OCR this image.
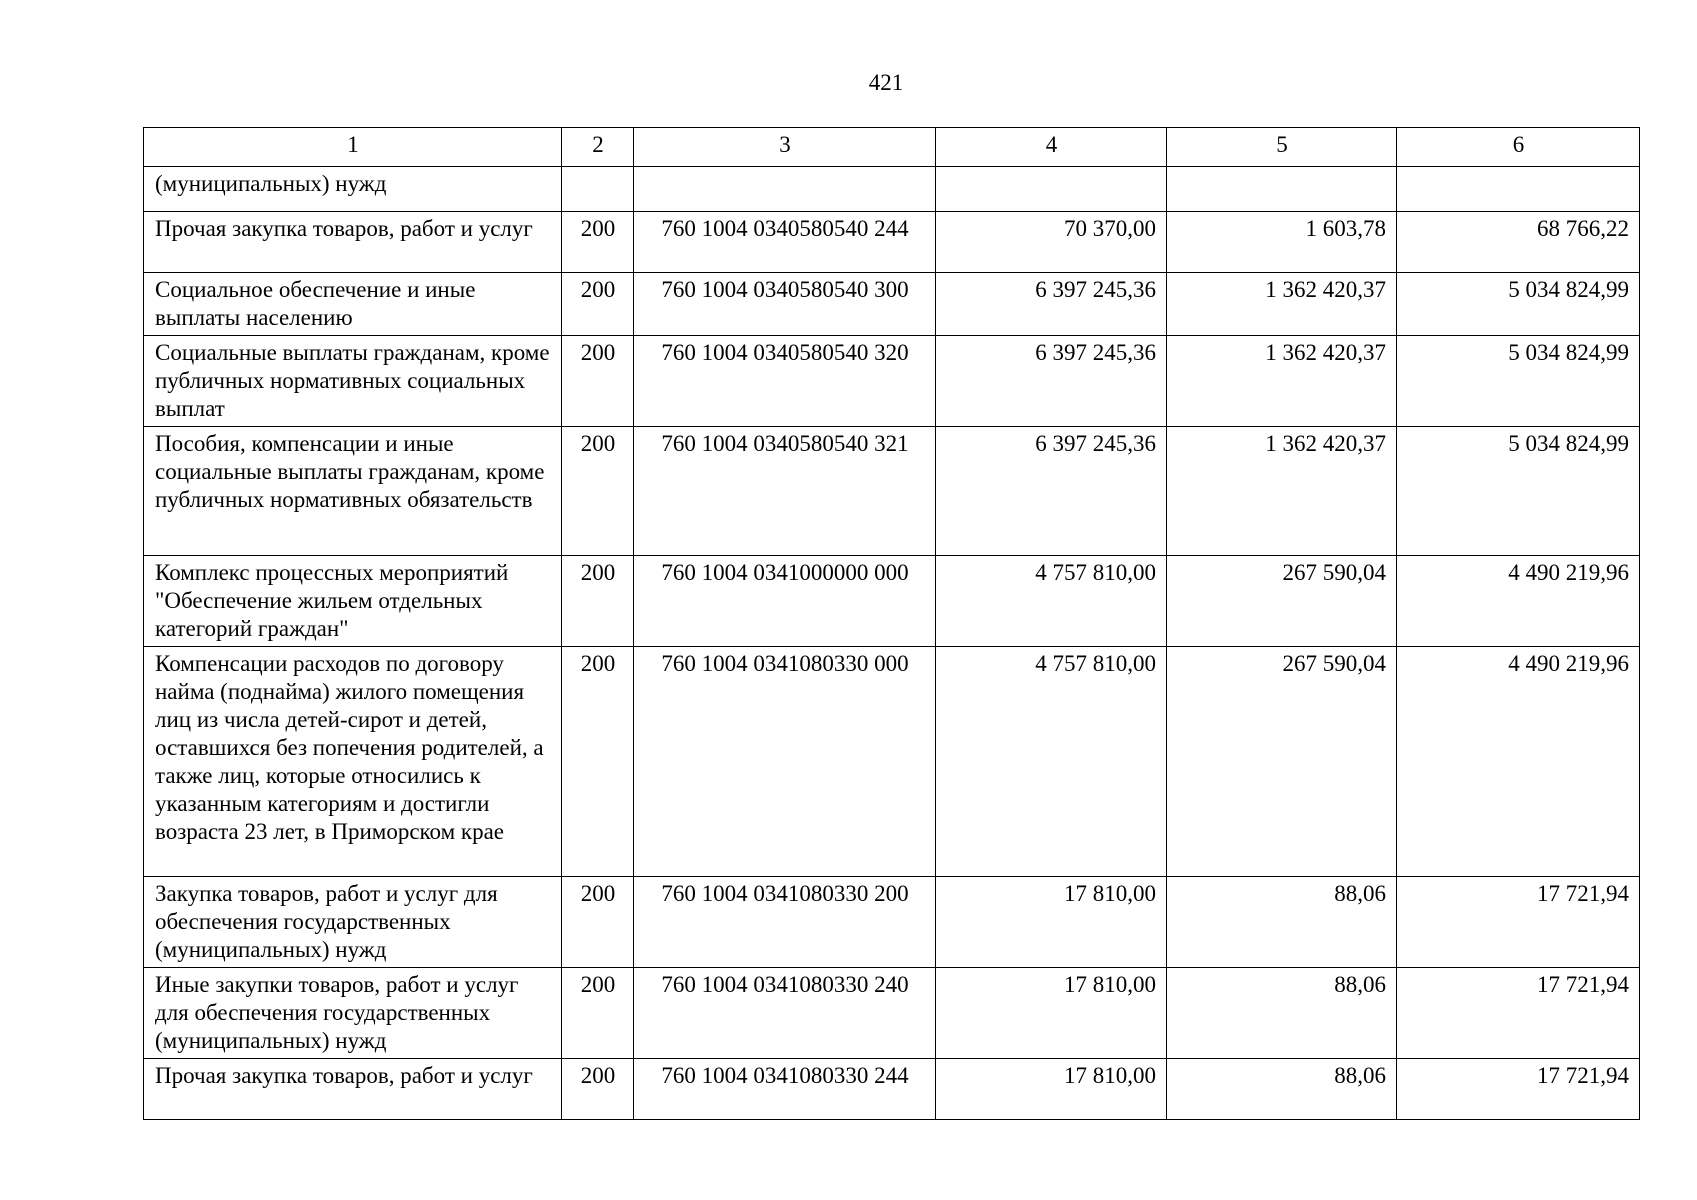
421
1	2	3	4	5	6
(муниципальных) нужд					
Прочая закупка товаров, работ и услуг	200	760 1004 0340580540 244	70 370,00	1 603,78	68 766,22
Социальное обеспечение и иные выплаты населению	200	760 1004 0340580540 300	6 397 245,36	1 362 420,37	5 034 824,99
Социальные выплаты гражданам, кроме публичных нормативных социальных выплат	200	760 1004 0340580540 320	6 397 245,36	1 362 420,37	5 034 824,99
Пособия, компенсации и иные социальные выплаты гражданам, кроме публичных нормативных обязательств	200	760 1004 0340580540 321	6 397 245,36	1 362 420,37	5 034 824,99
Комплекс процессных мероприятий "Обеспечение жильем отдельных категорий граждан"	200	760 1004 0341000000 000	4 757 810,00	267 590,04	4 490 219,96
Компенсации расходов по договору найма (поднайма) жилого помещения лиц из числа детей-сирот и детей, оставшихся без попечения родителей, а также лиц, которые относились к указанным категориям и достигли возраста 23 лет, в Приморском крае	200	760 1004 0341080330 000	4 757 810,00	267 590,04	4 490 219,96
Закупка товаров, работ и услуг для обеспечения государственных (муниципальных) нужд	200	760 1004 0341080330 200	17 810,00	88,06	17 721,94
Иные закупки товаров, работ и услуг для обеспечения государственных (муниципальных) нужд	200	760 1004 0341080330 240	17 810,00	88,06	17 721,94
Прочая закупка товаров, работ и услуг	200	760 1004 0341080330 244	17 810,00	88,06	17 721,94
